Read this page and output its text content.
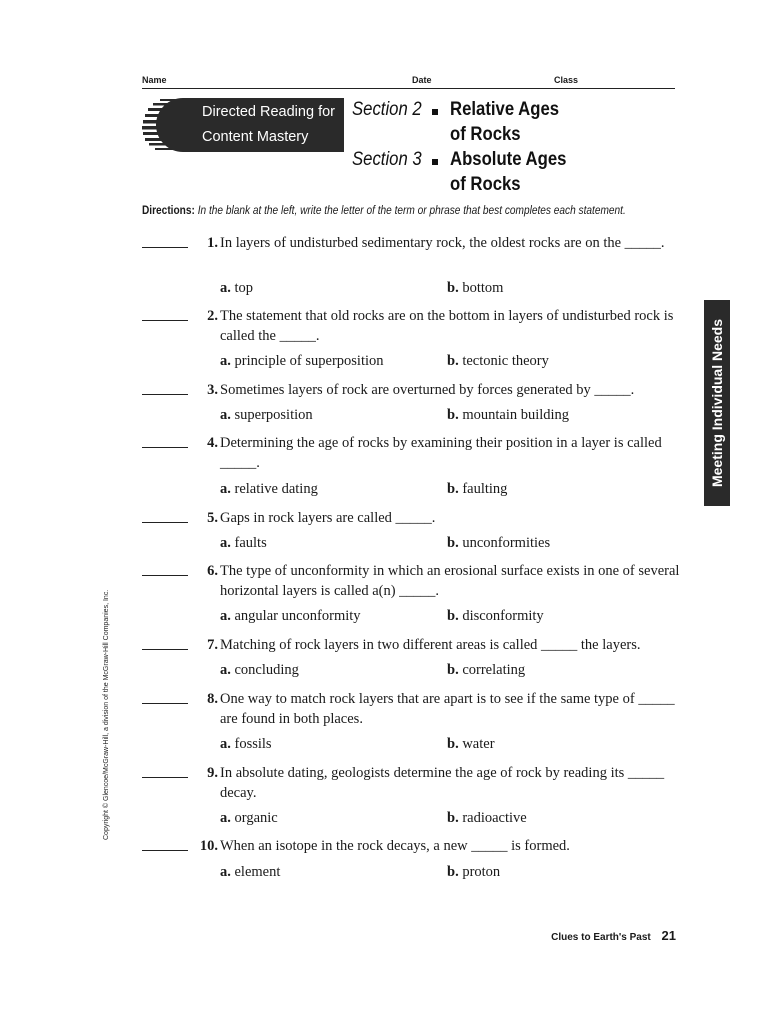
Name	Date	Class
Directed Reading for
Content Mastery
Section 2 Relative Ages
of Rocks
Section 3 Absolute Ages
of Rocks
Directions: In the blank at the left, write the letter of the term or phrase that best completes each statement.
1. In layers of undisturbed sedimentary rock, the oldest rocks are on the _____.
a. top	b. bottom
2. The statement that old rocks are on the bottom in layers of undisturbed rock is called the _____.
a. principle of superposition	b. tectonic theory
3. Sometimes layers of rock are overturned by forces generated by _____.
a. superposition	b. mountain building
4. Determining the age of rocks by examining their position in a layer is called _____.
a. relative dating	b. faulting
5. Gaps in rock layers are called _____.
a. faults	b. unconformities
6. The type of unconformity in which an erosional surface exists in one of several horizontal layers is called a(n) _____.
a. angular unconformity	b. disconformity
7. Matching of rock layers in two different areas is called _____ the layers.
a. concluding	b. correlating
8. One way to match rock layers that are apart is to see if the same type of _____ are found in both places.
a. fossils	b. water
9. In absolute dating, geologists determine the age of rock by reading its _____ decay.
a. organic	b. radioactive
10. When an isotope in the rock decays, a new _____ is formed.
a. element	b. proton
Meeting Individual Needs
Copyright © Glencoe/McGraw-Hill, a division of the McGraw-Hill Companies, Inc.
Clues to Earth's Past 21
